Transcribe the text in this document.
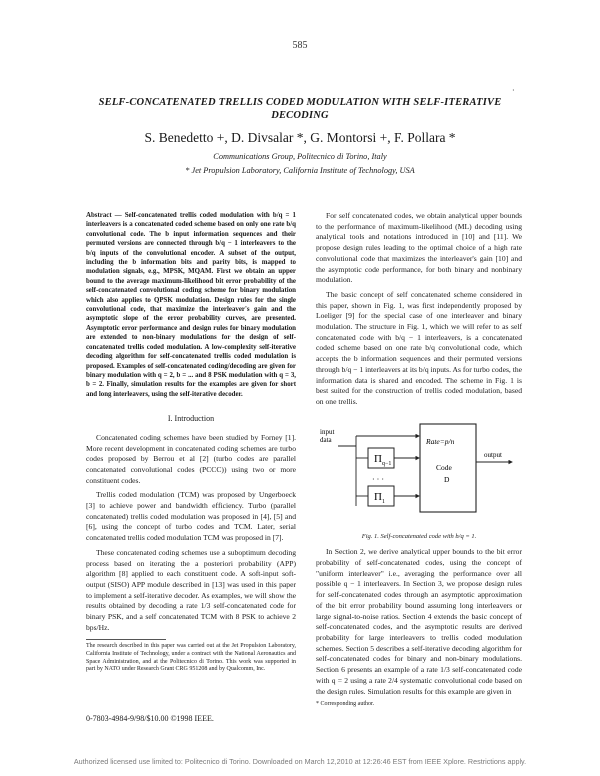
585
·
SELF-CONCATENATED TRELLIS CODED MODULATION WITH SELF-ITERATIVE DECODING
S. Benedetto +, D. Divsalar *, G. Montorsi +, F. Pollara *
Communications Group, Politecnico di Torino, Italy
* Jet Propulsion Laboratory, California Institute of Technology, USA
Abstract — Self-concatenated trellis coded modulation with b/q = 1 interleavers is a concatenated coded scheme based on only one rate b/q convolutional code. The b input information sequences and their permuted versions are connected through b/q − 1 interleavers to the b/q inputs of the convolutional encoder. A subset of the output, including the b information bits and parity bits, is mapped to modulation signals, e.g., MPSK, MQAM. First we obtain an upper bound to the average maximum-likelihood bit error probability of the self-concatenated convolutional coding scheme for binary modulation which also applies to QPSK modulation. Design rules for the single convolutional code, that maximize the interleaver's gain and the asymptotic slope of the error probability curves, are presented. Asymptotic error performance and design rules for binary modulation are extended to non-binary modulations for the design of self-concatenated trellis coded modulation. A low-complexity self-iterative decoding algorithm for self-concatenated trellis coded modulation is proposed. Examples of self-concatenated coding/decoding are given for binary modulation with q = 2, b = ... and 8 PSK modulation with q = 3, b = 2. Finally, simulation results for the examples are given for short and long interleavers, using the self-iterative decoder.
I. Introduction

Concatenated coding schemes have been studied by Forney [1]. More recent development in concatenated coding schemes are turbo codes proposed by Berrou et al [2] (turbo codes are parallel concatenated convolutional codes (PCCC)) using two or more constituent codes.

Trellis coded modulation (TCM) was proposed by Ungerboeck [3] to achieve power and bandwidth efficiency. Turbo (parallel concatenated) trellis coded modulation was proposed in [4], [5] and [6], using the concept of turbo codes and TCM. Later, serial concatenated trellis coded modulation TCM was proposed in [7].

These concatenated coding schemes use a suboptimum decoding process based on iterating the a posteriori probability (APP) algorithm [8] applied to each constituent code. A soft-input soft-output (SISO) APP module described in [13] was used in this paper to implement a self-iterative decoder. As examples, we will show the results obtained by decoding a rate 1/3 self-concatenated code for binary PSK, and a self concatenated TCM with 8 PSK to achieve 2 bps/Hz.

The research described in this paper was carried out at the Jet Propulsion Laboratory, California Institute of Technology, under a contract with the National Aeronautics and Space Administration, and at the Politecnico di Torino. This work was supported in part by NATO under Research Grant CRG 951208 and by Qualcomm, Inc.

For self concatenated codes, we obtain analytical upper bounds to the performance of maximum-likelihood (ML) decoding using analytical tools and notations introduced in [10] and [11]. We propose design rules leading to the optimal choice of a high rate convolutional code that maximizes the interleaver's gain [10] and the asymptotic code performance, for both binary and nonbinary modulation.

The basic concept of self concatenated scheme considered in this paper, shown in Fig. 1, was first independently proposed by Loeliger [9] for the special case of one interleaver and binary modulation. The structure in Fig. 1, which we will refer to as self concatenated code with b/q − 1 interleavers, is a concatenated coded scheme based on one rate b/q convolutional code, which accepts the b information sequences and their permuted versions through b/q − 1 interleavers at its b/q inputs. As for turbo codes, the information data is shared and encoded. The scheme in Fig. 1 is best suited for the construction of trellis coded modulation, based on one trellis.

input
data
Π q−1
· · ·
Π 1
Rate=p/n
Code
D
output
Fig. 1. Self-concatenated code with b/q = 1.

In Section 2, we derive analytical upper bounds to the bit error probability of self-concatenated codes, using the concept of "uniform interleaver" i.e., averaging the performance over all possible q − 1 interleavers. In Section 3, we propose design rules for self-concatenated codes through an asymptotic approximation of the bit error probability bound assuming long interleavers or large signal-to-noise ratios. Section 4 extends the basic concept of self-concatenated codes, and the asymptotic results are derived probability for large interleavers to trellis coded modulation schemes. Section 5 describes a self-iterative decoding algorithm for self-concatenated codes for binary and non-binary modulations. Section 6 presents an example of a rate 1/3 self-concatenated code with q = 2 using a rate 2/4 systematic convolutional code based on the design rules. Simulation results for this example are given in

* Corresponding author.
0-7803-4984-9/98/$10.00 ©1998 IEEE.
Authorized licensed use limited to: Politecnico di Torino. Downloaded on March 12,2010 at 12:26:46 EST from IEEE Xplore. Restrictions apply.
